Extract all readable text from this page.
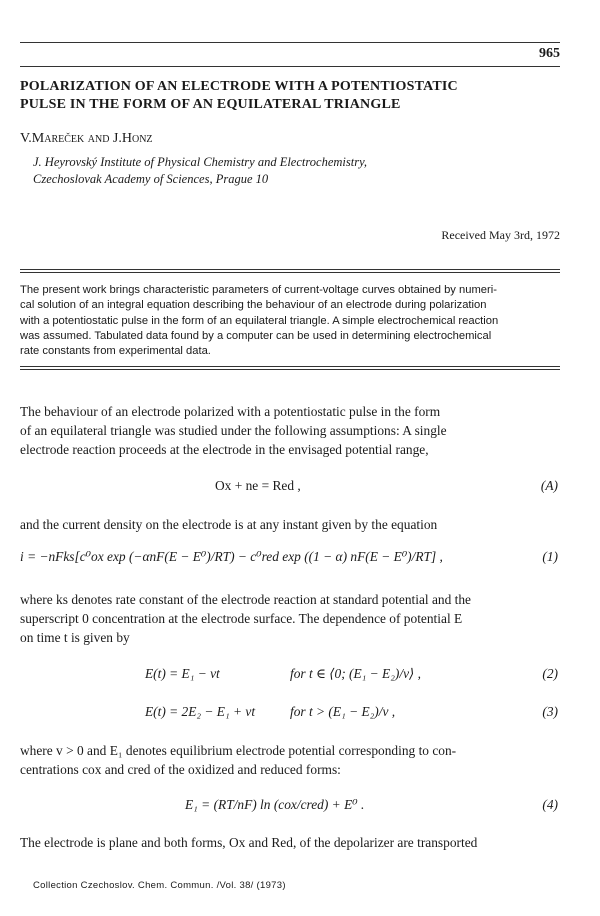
965
POLARIZATION OF AN ELECTRODE WITH A POTENTIOSTATIC
PULSE IN THE FORM OF AN EQUILATERAL TRIANGLE
V.Mareček and J.Honz
J. Heyrovský Institute of Physical Chemistry and Electrochemistry,
Czechoslovak Academy of Sciences, Prague 10
Received May 3rd, 1972
The present work brings characteristic parameters of current-voltage curves obtained by numeri-
cal solution of an integral equation describing the behaviour of an electrode during polarization
with a potentiostatic pulse in the form of an equilateral triangle. A simple electrochemical reaction
was assumed. Tabulated data found by a computer can be used in determining electrochemical
rate constants from experimental data.
The behaviour of an electrode polarized with a potentiostatic pulse in the form
of an equilateral triangle was studied under the following assumptions: A single
electrode reaction proceeds at the electrode in the envisaged potential range,
Ox + ne = Red ,	(A)
and the current density on the electrode is at any instant given by the equation
i = −nFks[c⁰ox exp (−αnF(E − E⁰)/RT) − c⁰red exp ((1 − α) nF(E − E⁰)/RT] ,	(1)
where ks denotes rate constant of the electrode reaction at standard potential and the
superscript 0 concentration at the electrode surface. The dependence of potential E
on time t is given by
E(t) = E₁ − vt	for t ∈ ⟨0; (E₁ − E₂)/v⟩ ,	(2)
E(t) = 2E₂ − E₁ + vt	for t > (E₁ − E₂)/v ,	(3)
where v > 0 and E₁ denotes equilibrium electrode potential corresponding to con-
centrations cox and cred of the oxidized and reduced forms:
E₁ = (RT/nF) ln (cox/cred) + E⁰ .	(4)
The electrode is plane and both forms, Ox and Red, of the depolarizer are transported
Collection Czechoslov. Chem. Commun. /Vol. 38/ (1973)
